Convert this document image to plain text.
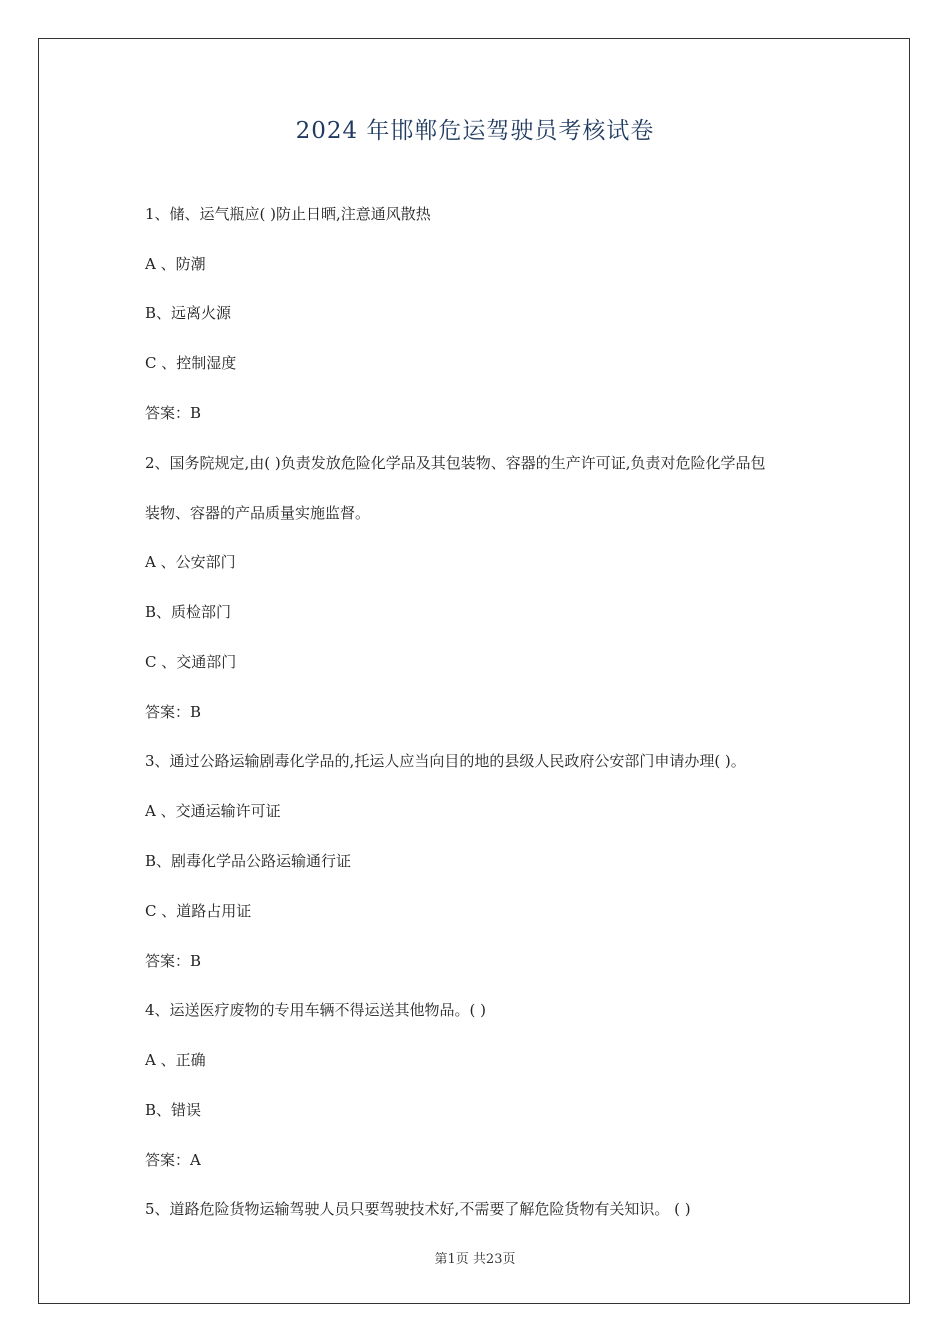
2024 年邯郸危运驾驶员考核试卷
1、储、运气瓶应( )防止日晒,注意通风散热
A 、防潮
B、远离火源
C 、控制湿度
答案：B
2、国务院规定,由( )负责发放危险化学品及其包装物、容器的生产许可证,负责对危险化学品包
装物、容器的产品质量实施监督。
A 、公安部门
B、质检部门
C 、交通部门
答案：B
3、通过公路运输剧毒化学品的,托运人应当向目的地的县级人民政府公安部门申请办理( )。
A 、交通运输许可证
B、剧毒化学品公路运输通行证
C 、道路占用证
答案：B
4、运送医疗废物的专用车辆不得运送其他物品。( )
A 、正确
B、错误
答案：A
5、道路危险货物运输驾驶人员只要驾驶技术好,不需要了解危险货物有关知识。 ( )
第1页 共23页
